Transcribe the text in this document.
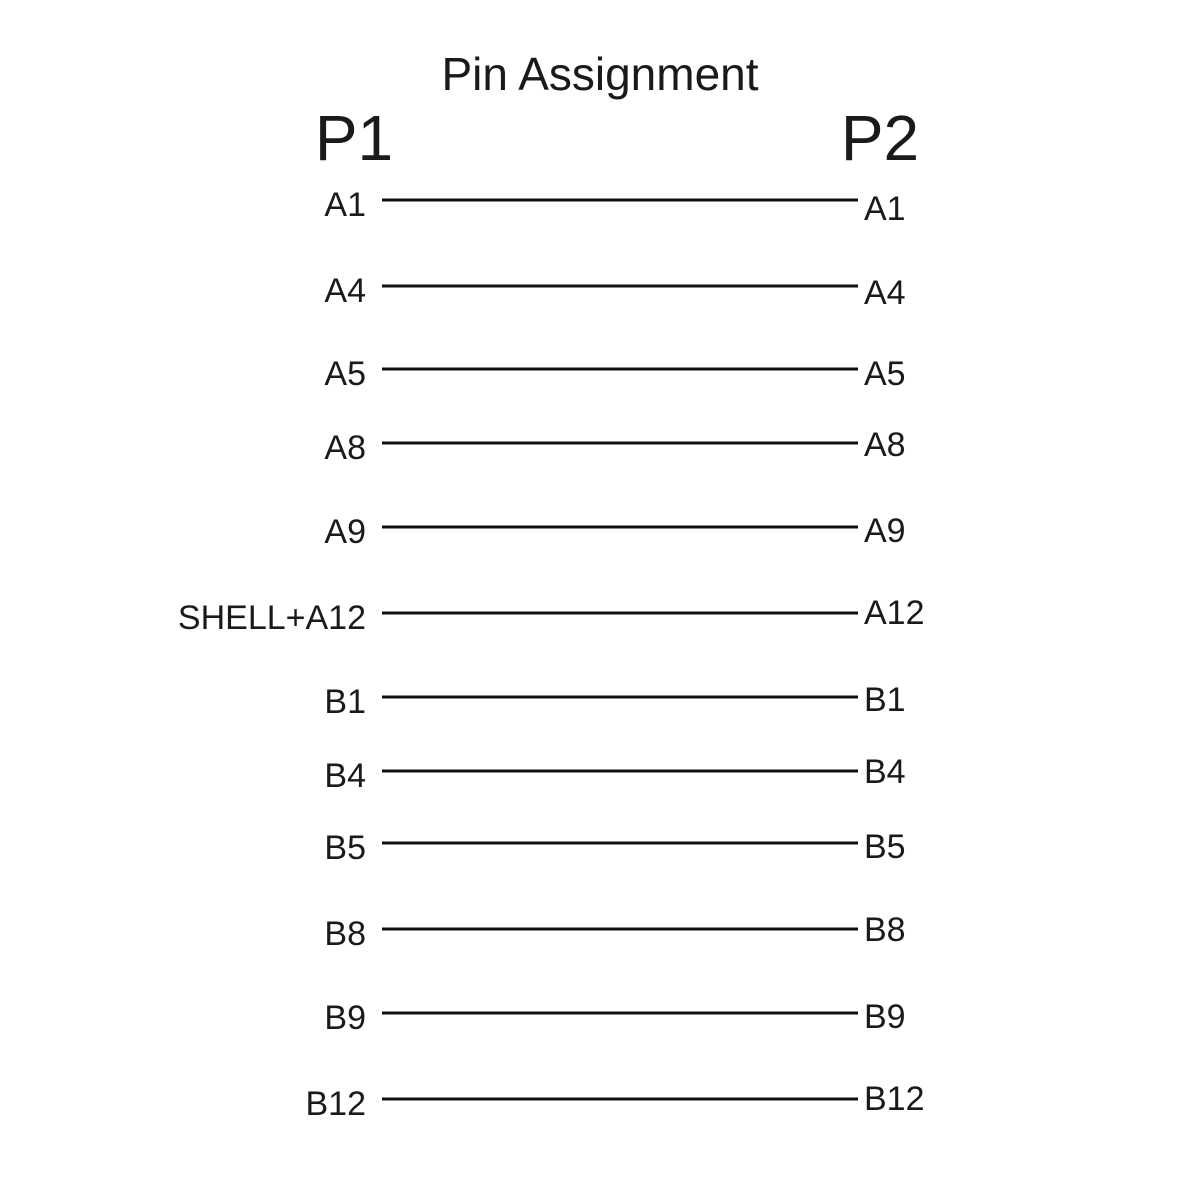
Pin Assignment
P1	P2
A1	A1
A4	A4
A5	A5
A8	A8
A9	A9
SHELL+A12	A12
B1	B1
B4	B4
B5	B5
B8	B8
B9	B9
B12	B12
